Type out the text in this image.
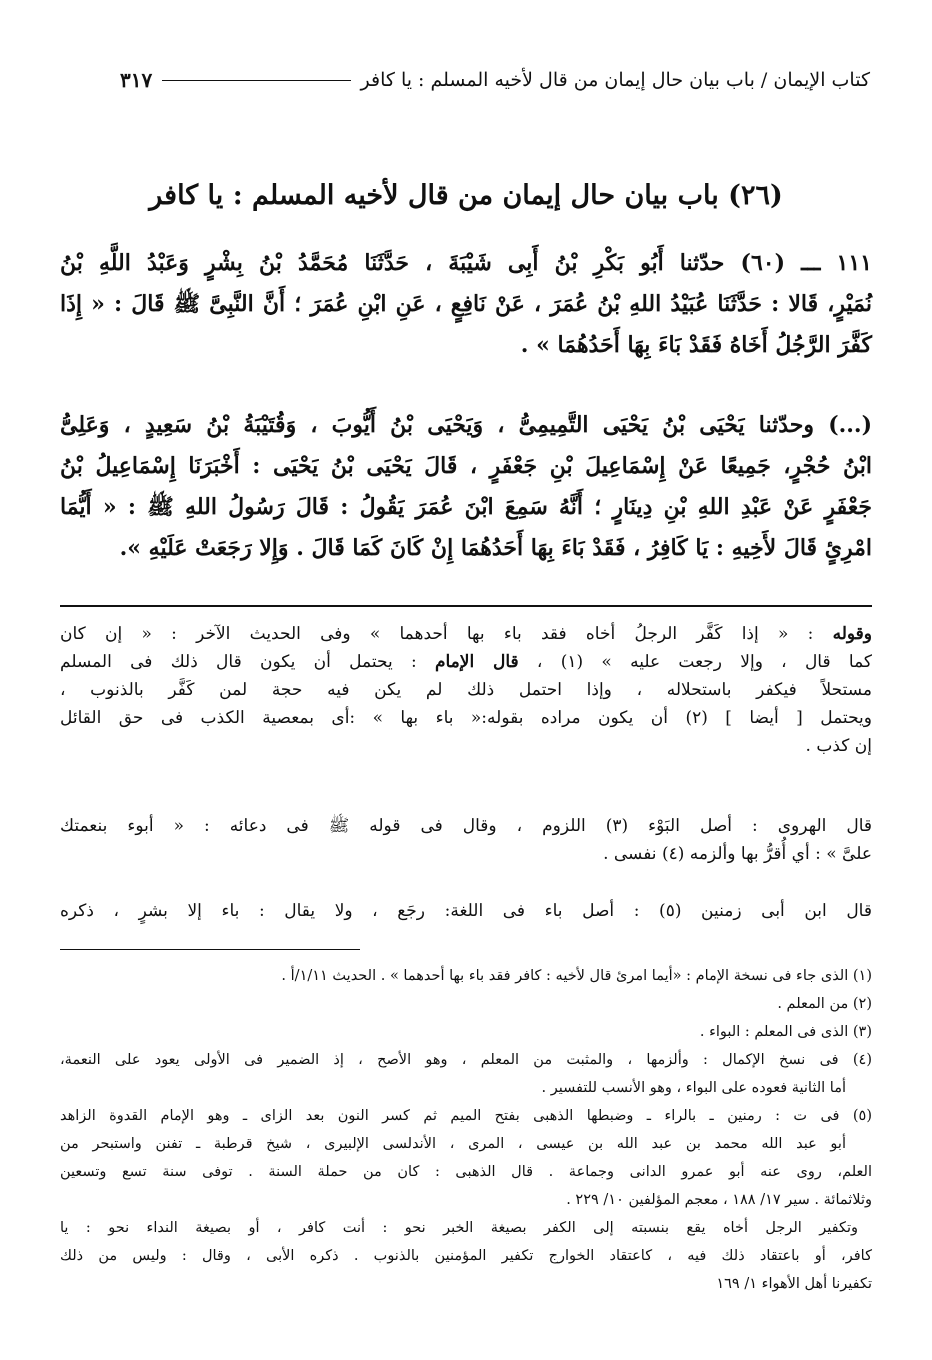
كتاب الإيمان / باب بيان حال إيمان من قال لأخيه المسلم : يا كافر
٣١٧
(٢٦) باب بيان حال إيمان من قال لأخيه المسلم : يا كافر
١١١ ـــ (٦٠) حدّثنا أَبُو بَكْرِ بْنُ أَبِى شَيْبَةَ ، حَدَّثَنَا مُحَمَّدُ بْنُ بِشْرٍ وَعَبْدُ اللَّهِ بْنُ
نُمَيْرٍ، قَالا : حَدَّثَنَا عُبَيْدُ اللهِ بْنُ عُمَرَ ، عَنْ نَافِعٍ ، عَنِ ابْنِ عُمَرَ ؛ أَنَّ النَّبِىَّ ﷺ قَالَ : « إِذَا
كَفَّرَ الرَّجُلُ أَخَاهُ فَقَدْ بَاءَ بِهَا أَحَدُهُمَا » .
(...) وحدّثنا يَحْيَى بْنُ يَحْيَى التَّمِيمِىُّ ، وَيَحْيَى بْنُ أَيُّوبَ ، وَقُتَيْبَةُ بْنُ سَعِيدٍ ، وَعَلِىُّ
ابْنُ حُجْرٍ، جَمِيعًا عَنْ إِسْمَاعِيلَ بْنِ جَعْفَرٍ ، قَالَ يَحْيَى بْنُ يَحْيَى : أَخْبَرَنَا إِسْمَاعِيلُ بْنُ
جَعْفَرٍ عَنْ عَبْدِ اللهِ بْنِ دِينَارٍ ؛ أَنَّهُ سَمِعَ ابْنَ عُمَرَ يَقُولُ : قَالَ رَسُولُ اللهِ ﷺ : « أَيُّمَا
امْرِئٍ قَالَ لأَخِيهِ : يَا كَافِرُ ، فَقَدْ بَاءَ بِهَا أَحَدُهُمَا إِنْ كَانَ كَمَا قَالَ . وَإِلا رَجَعَتْ عَلَيْهِ ».
وقوله : « إذا كَفَّر الرجلُ أخاه فقد باء بها أحدهما » وفى الحديث الآخر : « إن كان
كما قال ، وإلا رجعت عليه » (١) ، قال الإمام : يحتمل أن يكون قال ذلك فى المسلم
مستحلاً فيكفر باستحلاله ، وإذا احتمل ذلك لم يكن فيه حجة لمن كَفَّر بالذنوب ،
ويحتمل [ أيضا ] (٢) أن يكون مراده بقوله:« باء بها » :أى بمعصية الكذب فى حق القائل
إن كذب .
قال الهروى : أصل البَوْء (٣) اللزوم ، وقال فى قوله ﷺ فى دعائه : « أبوء بنعمتك
علىَّ » : أي أُقرُّ بها وألزمه (٤) نفسى .
قال ابن أبى زمنين (٥) : أصل باء فى اللغة: رجَع ، ولا يقال : باء إلا بشرٍ ، ذكره
(١) الذى جاء فى نسخة الإمام : «أيما امرئ قال لأخيه : كافر فقد باء بها أحدهما » . الحديث ١/١١/أ .
(٢) من المعلم .
(٣) الذى فى المعلم : البواء .
(٤) فى نسخ الإكمال : وألزمها ، والمثبت من المعلم ، وهو الأصح ، إذ الضمير فى الأولى يعود على النعمة،
أما الثانية فعوده على البواء ، وهو الأنسب للتفسير .
(٥) فى ت : رمنين ـ بالراء ـ وضبطها الذهبى بفتح الميم ثم كسر النون بعد الزاى ـ وهو الإمام القدوة الزاهد
أبو عبد الله محمد بن عبد الله بن عيسى ، المرى ، الأندلسى الإلبيرى ، شيخ قرطبة ـ تفنن واستبحر من
العلم، روى عنه أبو عمرو الدانى وجماعة . قال الذهبى : كان من حملة السنة . توفى سنة تسع وتسعين
وثلاثمائة . سير ١٧/ ١٨٨ ، معجم المؤلفين ١٠/ ٢٢٩ .
وتكفير الرجل أخاه يقع بنسبته إلى الكفر بصيغة الخبر نحو : أنت كافر ، أو بصيغة النداء نحو : يا
كافر، أو باعتقاد ذلك فيه ، كاعتقاد الخوارج تكفير المؤمنين بالذنوب . ذكره الأبى ، وقال : وليس من ذلك
تكفيرنا أهل الأهواء ١/ ١٦٩
